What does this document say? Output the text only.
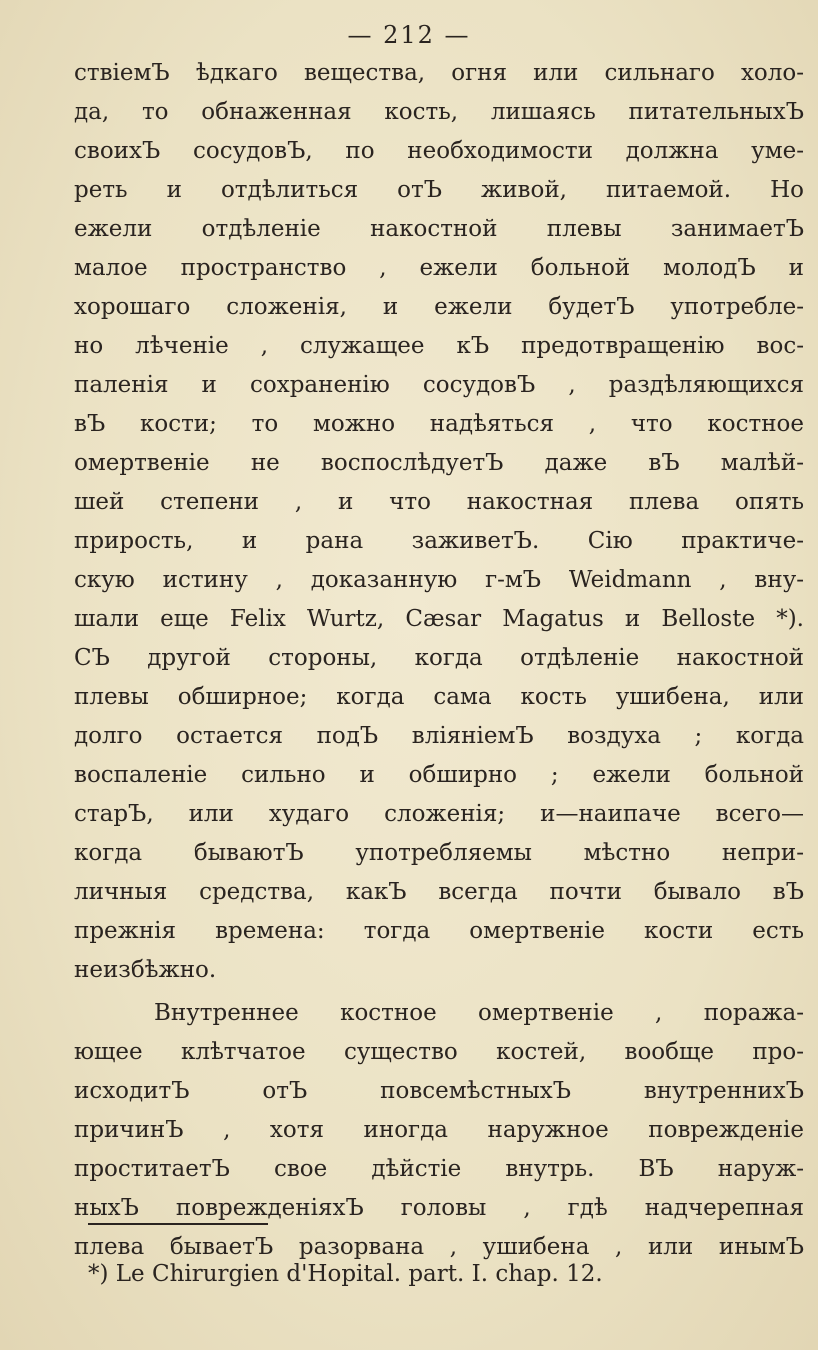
— 212 —
ствіемЪ ѣдкаго вещества, огня или сильнаго холо-
да, то обнаженная кость, лишаясь питательныхЪ
своихЪ сосудовЪ, по необходимости должна уме-
реть и отдѣлиться отЪ живой, питаемой. Но
ежели отдѣленіе накостной плевы занимаетЪ
малое пространство , ежели больной молодЪ и
хорошаго сложенія, и ежели будетЪ употребле-
но лѣченіе , служащее кЪ предотвращенію вос-
паленія и сохраненію сосудовЪ , раздѣляющихся
вЪ кости; то можно надѣяться , что костное
омертвеніе не воспослѣдуетЪ даже вЪ малѣй-
шей степени , и что накостная плева опять
прирость, и рана заживетЪ. Сію практиче-
скую истину , доказанную г-мЪ Weidmann , вну-
шали еще Felix Wurtz, Cæsar Magatus и Belloste *).
СЪ другой стороны, когда отдѣленіе накостной
плевы обширное; когда сама кость ушибена, или
долго остается подЪ вліяніемЪ воздуха ; когда
воспаленіе сильно и обширно ; ежели больной
старЪ, или худаго сложенія; и—наипаче всего—
когда бываютЪ употребляемы мѣстно непри-
личныя средства, какЪ всегда почти бывало вЪ
прежнія времена: тогда омертвеніе кости есть
неизбѣжно.
Внутреннее костное омертвеніе , поража-
ющее клѣтчатое существо костей, вообще про-
исходитЪ отЪ повсемѣстныхЪ внутреннихЪ
причинЪ , хотя иногда наружное поврежденіе
проститаетЪ свое дѣйстіе внутрь. ВЪ наруж-
ныхЪ поврежденіяхЪ головы , гдѣ надчерепная
плева бываетЪ разорвана , ушибена , или инымЪ
*) Le Chirurgien d'Hopital. part. I. chap. 12.
